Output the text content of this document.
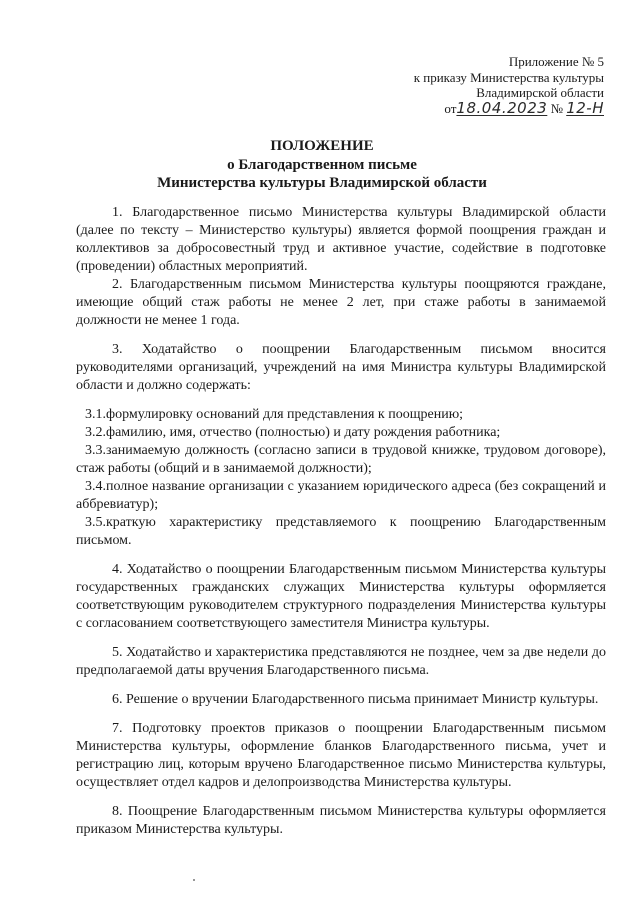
Приложение № 5
к приказу Министерства культуры
Владимирской области
от18.04.2023 № 12-Н
ПОЛОЖЕНИЕ
о Благодарственном письме
Министерства культуры Владимирской области

1. Благодарственное письмо Министерства культуры Владимирской области (далее по тексту – Министерство культуры) является формой поощрения граждан и коллективов за добросовестный труд и активное участие, содействие в подготовке (проведении) областных мероприятий.

2. Благодарственным письмом Министерства культуры поощряются граждане, имеющие общий стаж работы не менее 2 лет, при стаже работы в занимаемой должности не менее 1 года.

3. Ходатайство о поощрении Благодарственным письмом вносится руководителями организаций, учреждений на имя Министра культуры Владимирской области и должно содержать:

3.1.формулировку оснований для представления к поощрению;

3.2.фамилию, имя, отчество (полностью) и дату рождения работника;

3.3.занимаемую должность (согласно записи в трудовой книжке, трудовом договоре), стаж работы (общий и в занимаемой должности);

3.4.полное название организации с указанием юридического адреса (без сокращений и аббревиатур);

3.5.краткую характеристику представляемого к поощрению Благодарственным письмом.

4. Ходатайство о поощрении Благодарственным письмом Министерства культуры государственных гражданских служащих Министерства культуры оформляется соответствующим руководителем структурного подразделения Министерства культуры с согласованием соответствующего заместителя Министра культуры.

5. Ходатайство и характеристика представляются не позднее, чем за две недели до предполагаемой даты вручения Благодарственного письма.

6. Решение о вручении Благодарственного письма принимает Министр культуры.

7. Подготовку проектов приказов о поощрении Благодарственным письмом Министерства культуры, оформление бланков Благодарственного письма, учет и регистрацию лиц, которым вручено Благодарственное письмо Министерства культуры, осуществляет отдел кадров и делопроизводства Министерства культуры.

8. Поощрение Благодарственным письмом Министерства культуры оформляется приказом Министерства культуры.
